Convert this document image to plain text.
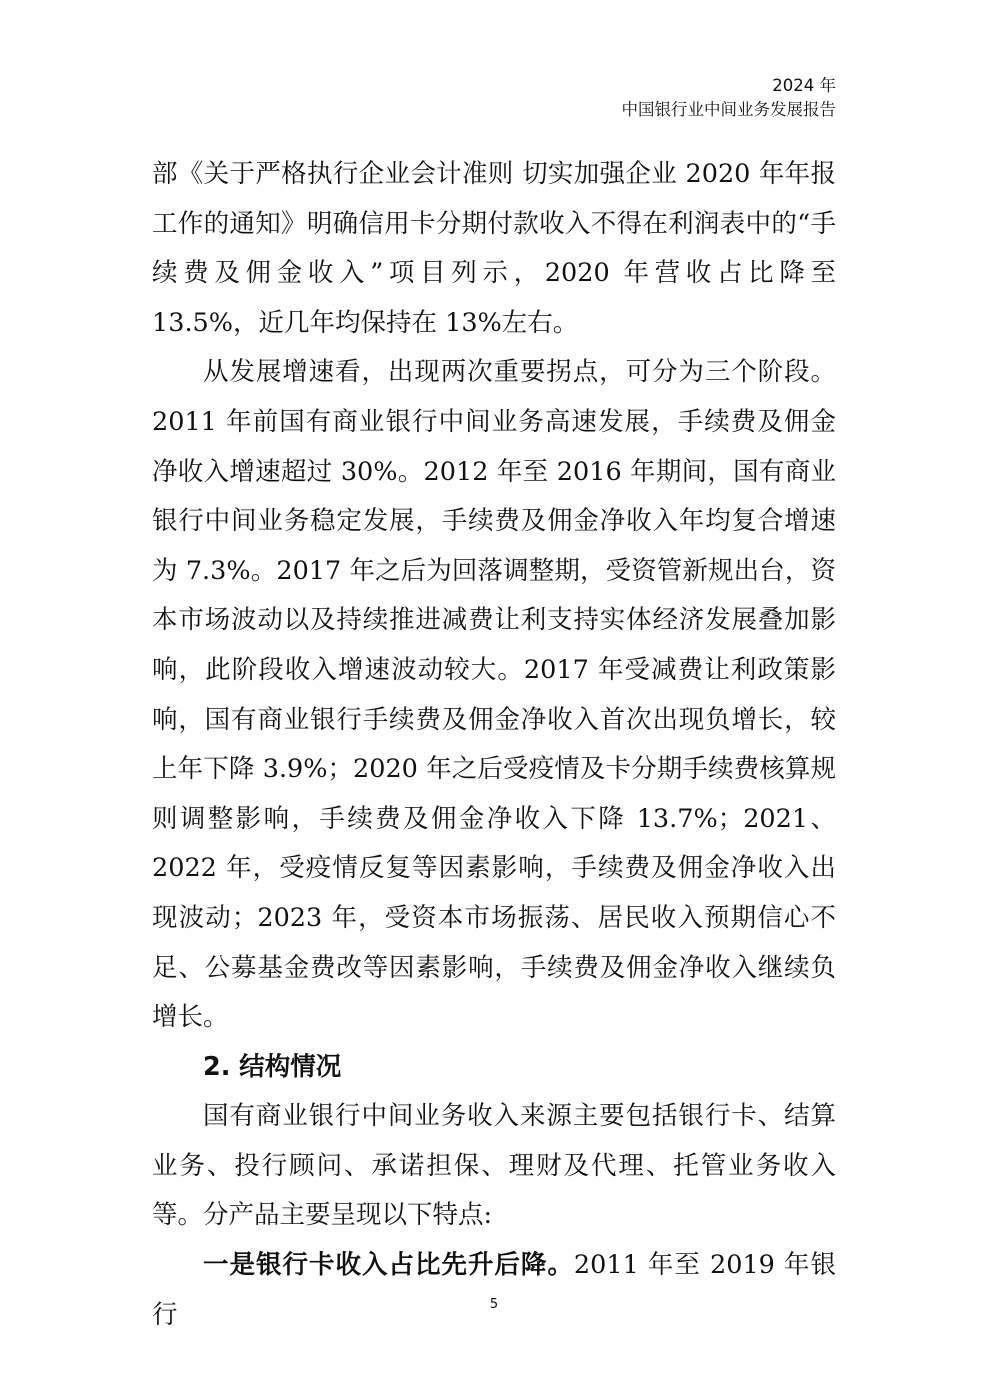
2024 年
中国银行业中间业务发展报告

部《关于严格执行企业会计准则 切实加强企业 2020 年年报工作的通知》明确信用卡分期付款收入不得在利润表中的“手续费及佣金收入”项目列示，2020 年营收占比降至 13.5%，近几年均保持在 13%左右。

从发展增速看，出现两次重要拐点，可分为三个阶段。2011 年前国有商业银行中间业务高速发展，手续费及佣金净收入增速超过 30%。2012 年至 2016 年期间，国有商业银行中间业务稳定发展，手续费及佣金净收入年均复合增速为 7.3%。2017 年之后为回落调整期，受资管新规出台，资本市场波动以及持续推进减费让利支持实体经济发展叠加影响，此阶段收入增速波动较大。2017 年受减费让利政策影响，国有商业银行手续费及佣金净收入首次出现负增长，较上年下降 3.9%；2020 年之后受疫情及卡分期手续费核算规则调整影响，手续费及佣金净收入下降 13.7%；2021、2022 年，受疫情反复等因素影响，手续费及佣金净收入出现波动；2023 年，受资本市场振荡、居民收入预期信心不足、公募基金费改等因素影响，手续费及佣金净收入继续负增长。

2. 结构情况

国有商业银行中间业务收入来源主要包括银行卡、结算业务、投行顾问、承诺担保、理财及代理、托管业务收入等。分产品主要呈现以下特点:

一是银行卡收入占比先升后降。2011 年至 2019 年银行	5
